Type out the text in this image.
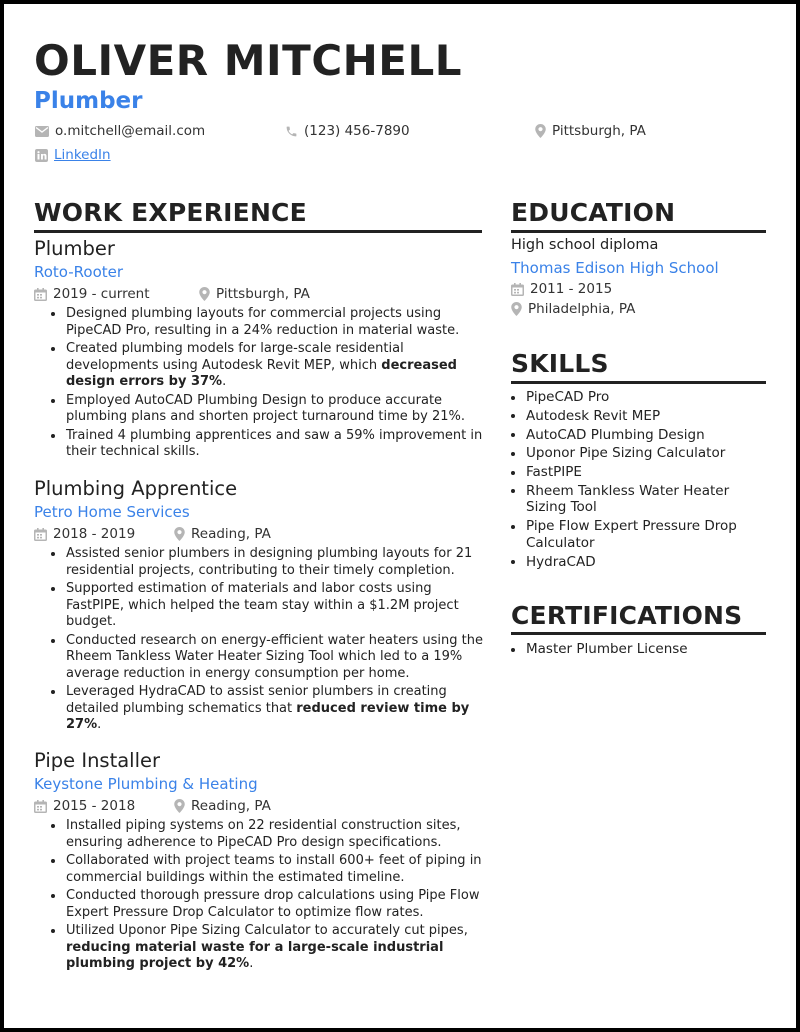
OLIVER MITCHELL
Plumber
o.mitchell@email.com	(123) 456-7890	Pittsburgh, PA
LinkedIn
WORK EXPERIENCE
Plumber
Roto-Rooter
2019 - current	Pittsburgh, PA
Designed plumbing layouts for commercial projects using PipeCAD Pro, resulting in a 24% reduction in material waste.
Created plumbing models for large-scale residential developments using Autodesk Revit MEP, which decreased design errors by 37%.
Employed AutoCAD Plumbing Design to produce accurate plumbing plans and shorten project turnaround time by 21%.
Trained 4 plumbing apprentices and saw a 59% improvement in their technical skills.
Plumbing Apprentice
Petro Home Services
2018 - 2019	Reading, PA
Assisted senior plumbers in designing plumbing layouts for 21 residential projects, contributing to their timely completion.
Supported estimation of materials and labor costs using FastPIPE, which helped the team stay within a $1.2M project budget.
Conducted research on energy-efficient water heaters using the Rheem Tankless Water Heater Sizing Tool which led to a 19% average reduction in energy consumption per home.
Leveraged HydraCAD to assist senior plumbers in creating detailed plumbing schematics that reduced review time by 27%.
Pipe Installer
Keystone Plumbing & Heating
2015 - 2018	Reading, PA
Installed piping systems on 22 residential construction sites, ensuring adherence to PipeCAD Pro design specifications.
Collaborated with project teams to install 600+ feet of piping in commercial buildings within the estimated timeline.
Conducted thorough pressure drop calculations using Pipe Flow Expert Pressure Drop Calculator to optimize flow rates.
Utilized Uponor Pipe Sizing Calculator to accurately cut pipes, reducing material waste for a large-scale industrial plumbing project by 42%.
EDUCATION
High school diploma
Thomas Edison High School
2011 - 2015
Philadelphia, PA
SKILLS
PipeCAD Pro
Autodesk Revit MEP
AutoCAD Plumbing Design
Uponor Pipe Sizing Calculator
FastPIPE
Rheem Tankless Water Heater Sizing Tool
Pipe Flow Expert Pressure Drop Calculator
HydraCAD
CERTIFICATIONS
Master Plumber License
